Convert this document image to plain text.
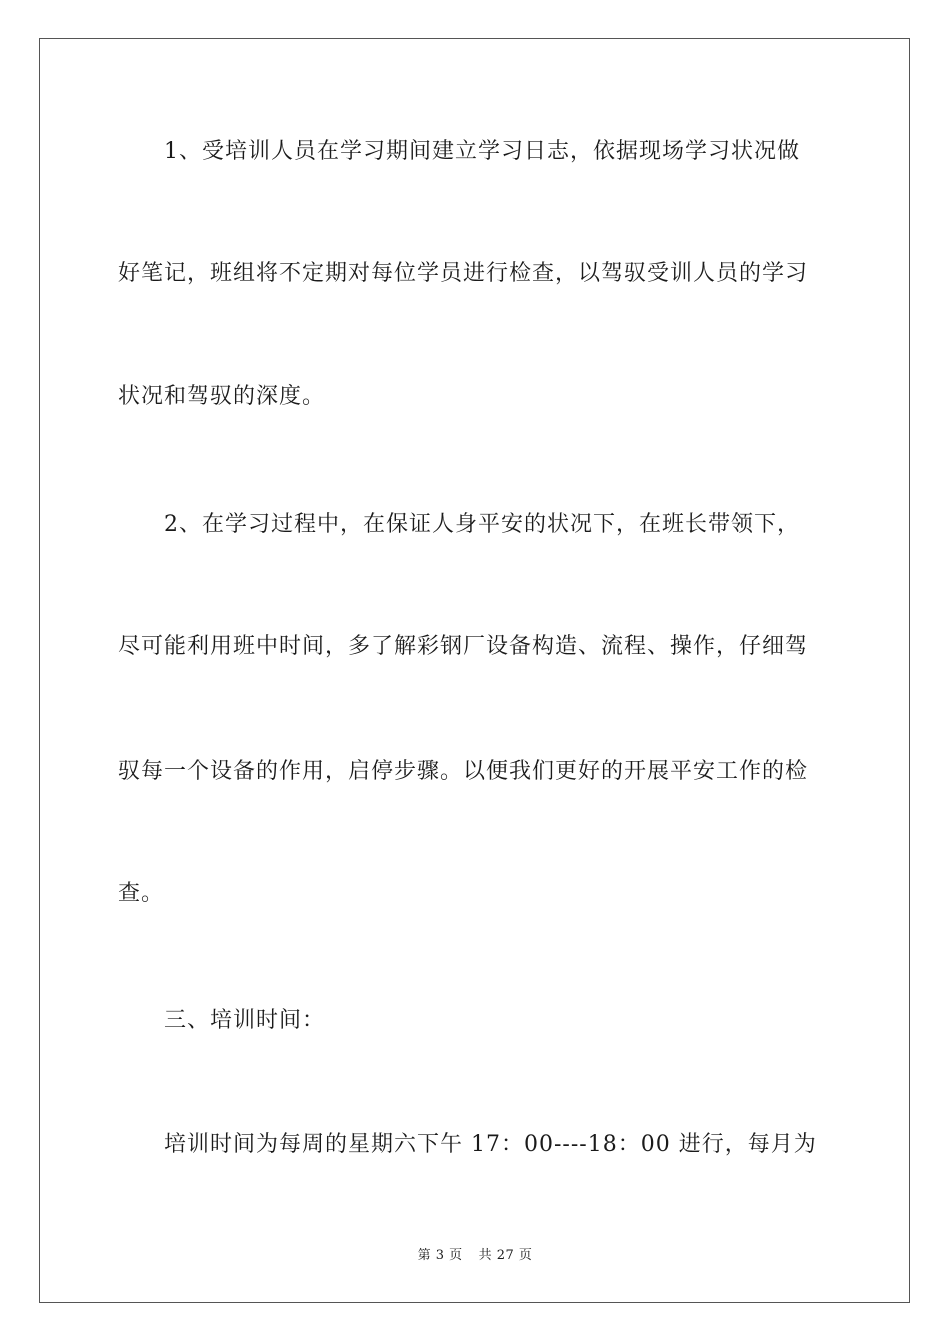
1、受培训人员在学习期间建立学习日志，依据现场学习状况做
好笔记，班组将不定期对每位学员进行检查，以驾驭受训人员的学习
状况和驾驭的深度。
2、在学习过程中，在保证人身平安的状况下，在班长带领下，
尽可能利用班中时间，多了解彩钢厂设备构造、流程、操作，仔细驾
驭每一个设备的作用，启停步骤。以便我们更好的开展平安工作的检
查。
三、培训时间：
培训时间为每周的星期六下午 17：00----18：00 进行，每月为
第 3 页 共 27 页
